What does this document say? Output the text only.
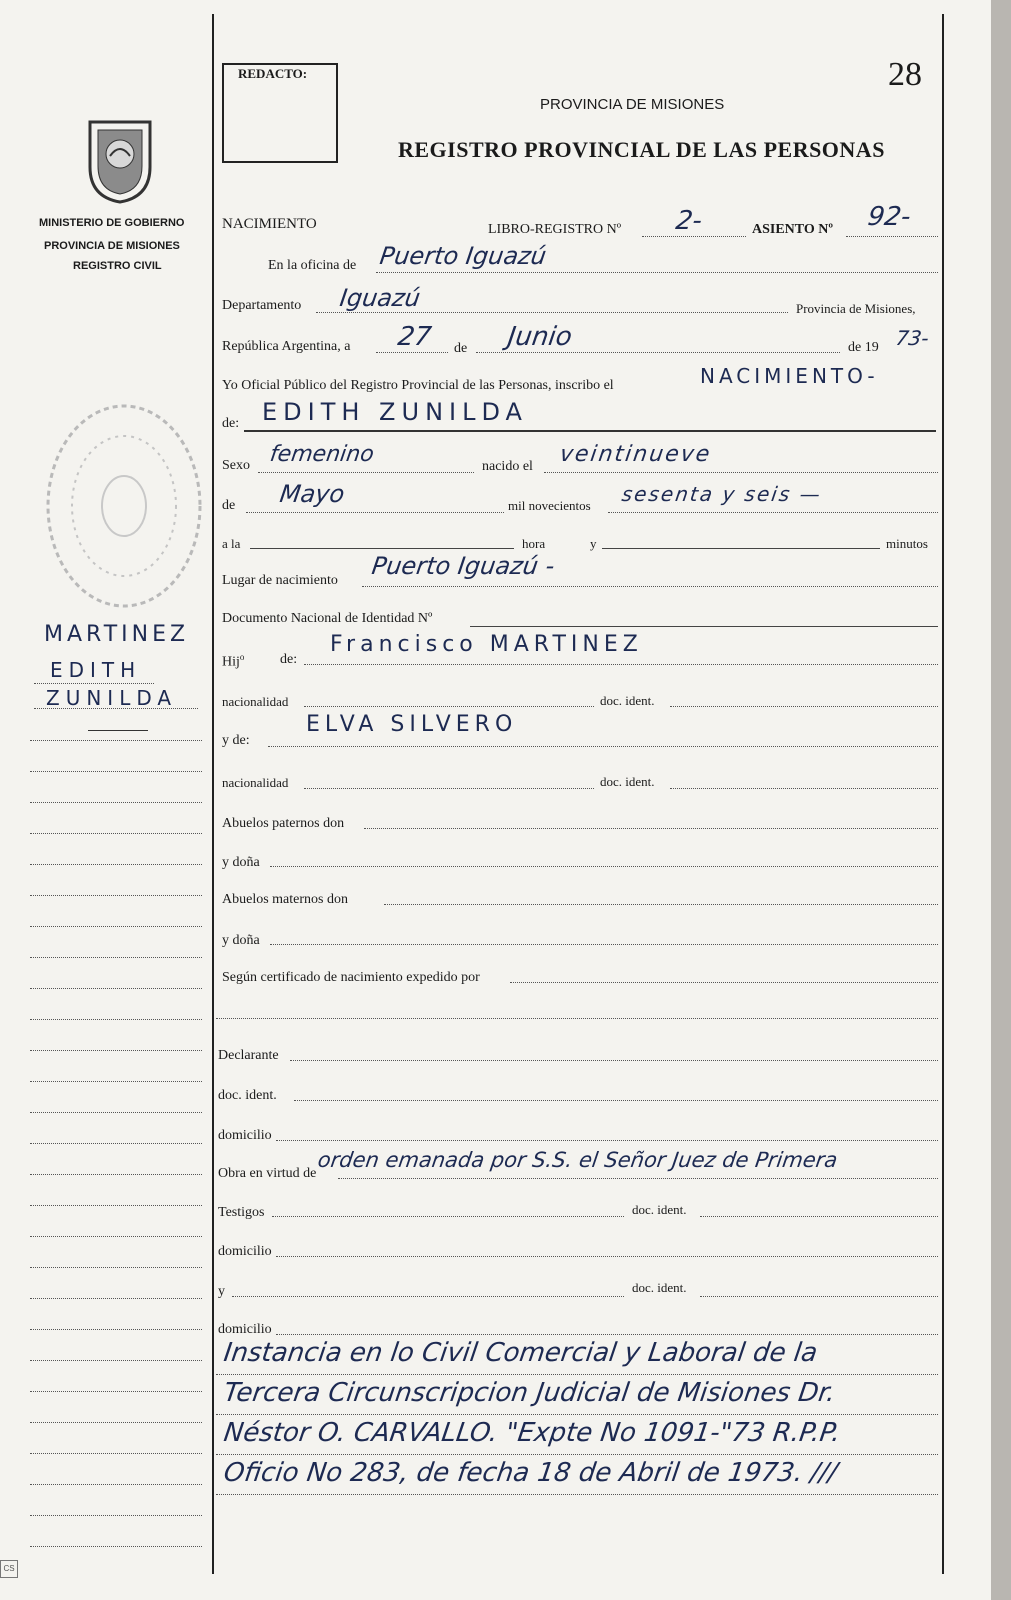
REDACTO:	28
PROVINCIA DE MISIONES
REGISTRO PROVINCIAL DE LAS PERSONAS
MINISTERIO DE GOBIERNO
PROVINCIA DE MISIONES
REGISTRO CIVIL
MARTINEZ
EDITH
ZUNILDA
NACIMIENTO	LIBRO-REGISTRO Nº 2-	ASIENTO Nº 92-
En la oficina de Puerto Iguazú
Departamento Iguazú	Provincia de Misiones,
República Argentina, a 27 de Junio	de 19 73-
Yo Oficial Público del Registro Provincial de las Personas, inscribo el	NACIMIENTO-
de: EDITH ZUNILDA
Sexo femenino	nacido el veintinueve
de Mayo	mil novecientos sesenta y seis —
a la	hora	y	minutos
Lugar de nacimiento
Puerto Iguazú -
Documento Nacional de Identidad Nº
Hij$^o$	de:
Francisco MARTINEZ
nacionalidad	doc. ident.
y de:
ELVA SILVERO
nacionalidad	doc. ident.
Abuelos paternos don
y doña
Abuelos maternos don
y doña
Según certificado de nacimiento expedido por
Declarante
doc. ident.
domicilio
Obra en virtud de
orden emanada por S.S. el Señor Juez de Primera
Testigos	doc. ident.
domicilio
y	doc. ident.
domicilio
Instancia en lo Civil Comercial y Laboral de la
Tercera Circunscripcion Judicial de Misiones Dr.
Néstor O. CARVALLO. "Expte No 1091-"73 R.P.P.
Oficio No 283, de fecha 18 de Abril de 1973. ///
CS
